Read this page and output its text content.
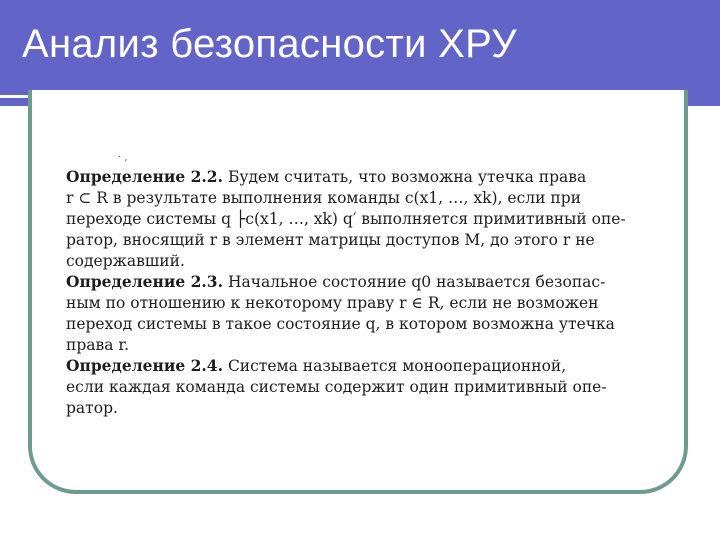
Анализ безопасности ХРУ
· ,
Определение 2.2. Будем считать, что возможна утечка права
r ⊂ R в результате выполнения команды c(x1, …, xk), если при
переходе системы q ├c(x1, …, xk) q′ выполняется примитивный опе-
ратор, вносящий r в элемент матрицы доступов M, до этого r не
содержавший.
Определение 2.3. Начальное состояние q0 называется безопас-
ным по отношению к некоторому праву r ∈ R, если не возможен
переход системы в такое состояние q, в котором возможна утечка
права r.
Определение 2.4. Система называется монооперационной,
если каждая команда системы содержит один примитивный опе-
ратор.
